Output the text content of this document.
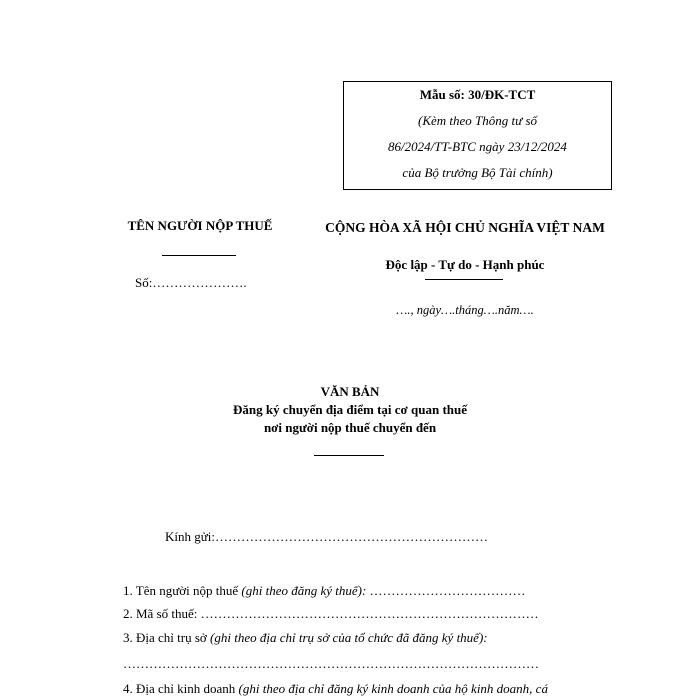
Mẫu số: 30/ĐK-TCT
(Kèm theo Thông tư số
86/2024/TT-BTC ngày 23/12/2024
của Bộ trưởng Bộ Tài chính)
TÊN NGƯỜI NỘP THUẾ
Số:………………….
CỘNG HÒA XÃ HỘI CHỦ NGHĨA VIỆT NAM
Độc lập - Tự do - Hạnh phúc
…., ngày….tháng….năm….
VĂN BẢN
Đăng ký chuyển địa điểm tại cơ quan thuế
nơi người nộp thuế chuyển đến
Kính gửi:………………………………………………………
1. Tên người nộp thuế (ghi theo đăng ký thuế): ………………………………
2. Mã số thuế: ……………………………………………………………………
3. Địa chỉ trụ sở (ghi theo địa chỉ trụ sở của tổ chức đã đăng ký thuế):
……………………………………………………………………………………
4. Địa chỉ kinh doanh (ghi theo địa chỉ đăng ký kinh doanh của hộ kinh doanh, cá
